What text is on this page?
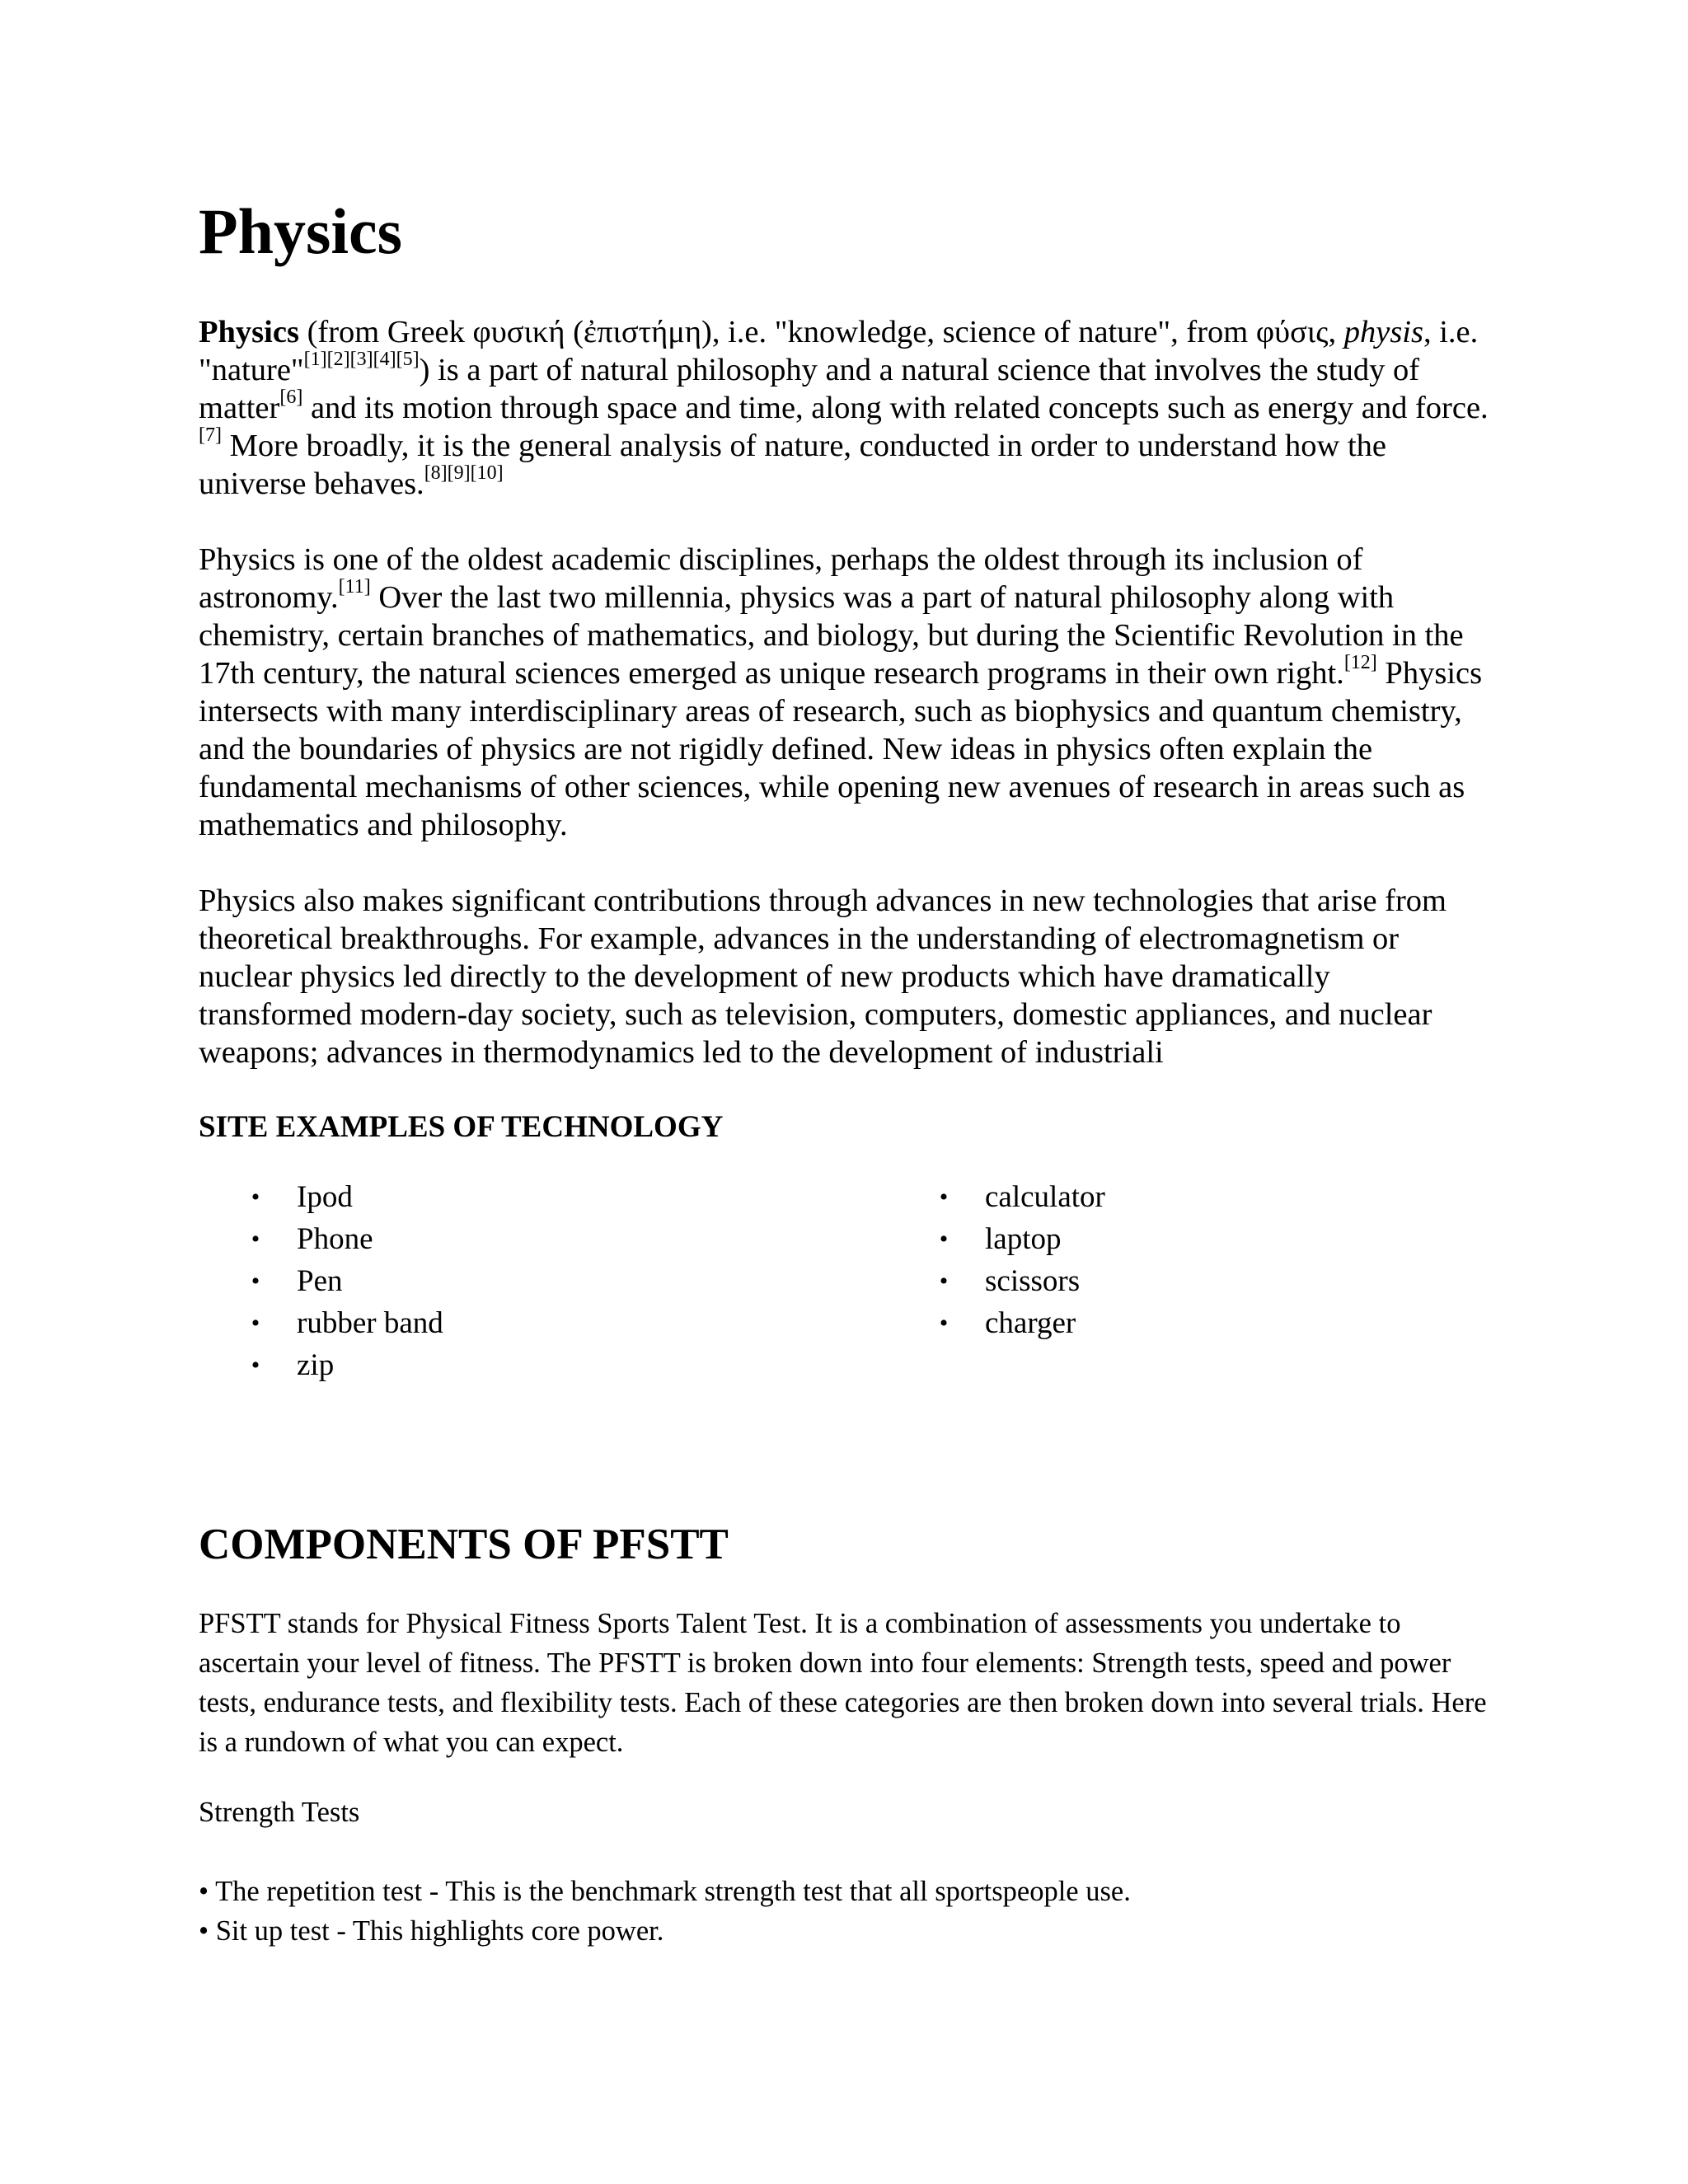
Physics

Physics (from Greek φυσική (ἐπιστήμη), i.e. "knowledge, science of nature", from φύσις, physis, i.e. "nature"[1][2][3][4][5]) is a part of natural philosophy and a natural science that involves the study of matter[6] and its motion through space and time, along with related concepts such as energy and force.[7] More broadly, it is the general analysis of nature, conducted in order to understand how the universe behaves.[8][9][10]

Physics is one of the oldest academic disciplines, perhaps the oldest through its inclusion of astronomy.[11] Over the last two millennia, physics was a part of natural philosophy along with chemistry, certain branches of mathematics, and biology, but during the Scientific Revolution in the 17th century, the natural sciences emerged as unique research programs in their own right.[12] Physics intersects with many interdisciplinary areas of research, such as biophysics and quantum chemistry, and the boundaries of physics are not rigidly defined. New ideas in physics often explain the fundamental mechanisms of other sciences, while opening new avenues of research in areas such as mathematics and philosophy.

Physics also makes significant contributions through advances in new technologies that arise from theoretical breakthroughs. For example, advances in the understanding of electromagnetism or nuclear physics led directly to the development of new products which have dramatically transformed modern-day society, such as television, computers, domestic appliances, and nuclear weapons; advances in thermodynamics led to the development of industriali

SITE EXAMPLES OF TECHNOLOGY
• Ipod
• Phone
• Pen
• rubber band
• zip
• calculator
• laptop
• scissors
• charger
COMPONENTS OF PFSTT

PFSTT stands for Physical Fitness Sports Talent Test. It is a combination of assessments you undertake to ascertain your level of fitness. The PFSTT is broken down into four elements: Strength tests, speed and power tests, endurance tests, and flexibility tests. Each of these categories are then broken down into several trials. Here is a rundown of what you can expect.

Strength Tests
• The repetition test - This is the benchmark strength test that all sportspeople use.
• Sit up test - This highlights core power.
